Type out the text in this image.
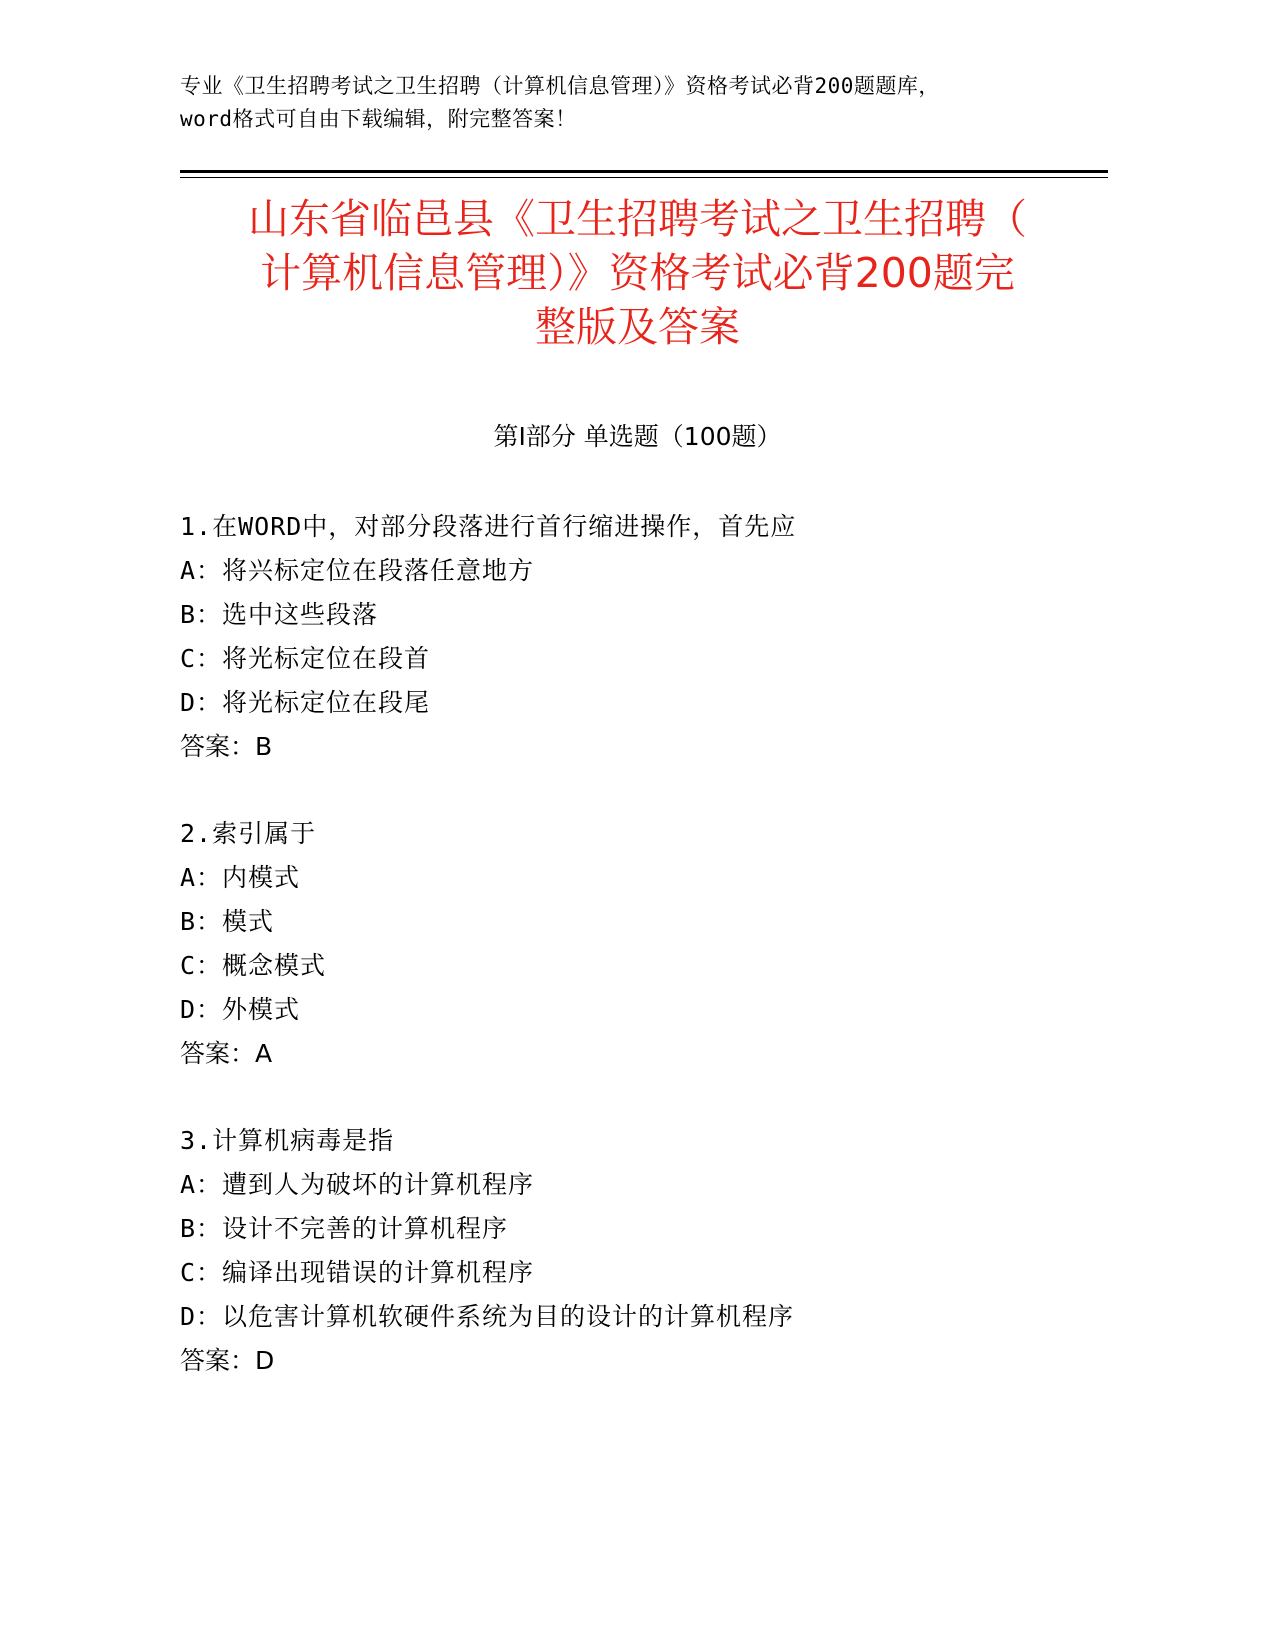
专业《卫生招聘考试之卫生招聘（计算机信息管理）》资格考试必背200题题库，
word格式可自由下载编辑，附完整答案！
山东省临邑县《卫生招聘考试之卫生招聘（
计算机信息管理）》资格考试必背200题完
整版及答案
第Ⅰ部分 单选题（100题）
1.在WORD中，对部分段落进行首行缩进操作，首先应
A：将兴标定位在段落任意地方
B：选中这些段落
C：将光标定位在段首
D：将光标定位在段尾
答案：B
2.索引属于
A：内模式
B：模式
C：概念模式
D：外模式
答案：A
3.计算机病毒是指
A：遭到人为破坏的计算机程序
B：设计不完善的计算机程序
C：编译出现错误的计算机程序
D：以危害计算机软硬件系统为目的设计的计算机程序
答案：D
